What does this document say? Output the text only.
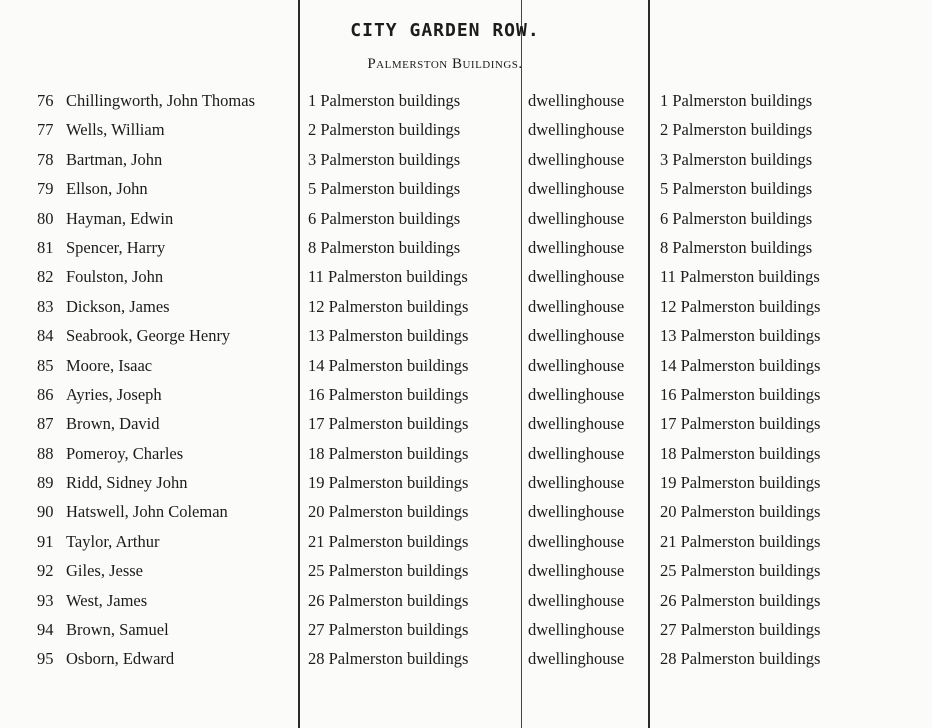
CITY GARDEN ROW.
Palmerston Buildings.
76 Chillingworth, John Thomas	1 Palmerston buildings	dwellinghouse 1 Palmerston buildings
77 Wells, William	2 Palmerston buildings	dwellinghouse 2 Palmerston buildings
78 Bartman, John	3 Palmerston buildings	dwellinghouse 3 Palmerston buildings
79 Ellson, John	5 Palmerston buildings	dwellinghouse 5 Palmerston buildings
80 Hayman, Edwin	6 Palmerston buildings	dwellinghouse 6 Palmerston buildings
81 Spencer, Harry	8 Palmerston buildings	dwellinghouse 8 Palmerston buildings
82 Foulston, John	11 Palmerston buildings	dwellinghouse 11 Palmerston buildings
83 Dickson, James	12 Palmerston buildings	dwellinghouse 12 Palmerston buildings
84 Seabrook, George Henry	13 Palmerston buildings	dwellinghouse 13 Palmerston buildings
85 Moore, Isaac	14 Palmerston buildings	dwellinghouse 14 Palmerston buildings
86 Ayries, Joseph	16 Palmerston buildings	dwellinghouse 16 Palmerston buildings
87 Brown, David	17 Palmerston buildings	dwellinghouse 17 Palmerston buildings
88 Pomeroy, Charles	18 Palmerston buildings	dwellinghouse 18 Palmerston buildings
89 Ridd, Sidney John	19 Palmerston buildings	dwellinghouse 19 Palmerston buildings
90 Hatswell, John Coleman	20 Palmerston buildings	dwellinghouse 20 Palmerston buildings
91 Taylor, Arthur	21 Palmerston buildings	dwellinghouse 21 Palmerston buildings
92 Giles, Jesse	25 Palmerston buildings	dwellinghouse 25 Palmerston buildings
93 West, James	26 Palmerston buildings	dwellinghouse 26 Palmerston buildings
94 Brown, Samuel	27 Palmerston buildings	dwellinghouse 27 Palmerston buildings
95 Osborn, Edward	28 Palmerston buildings	dwellinghouse 28 Palmerston buildings
